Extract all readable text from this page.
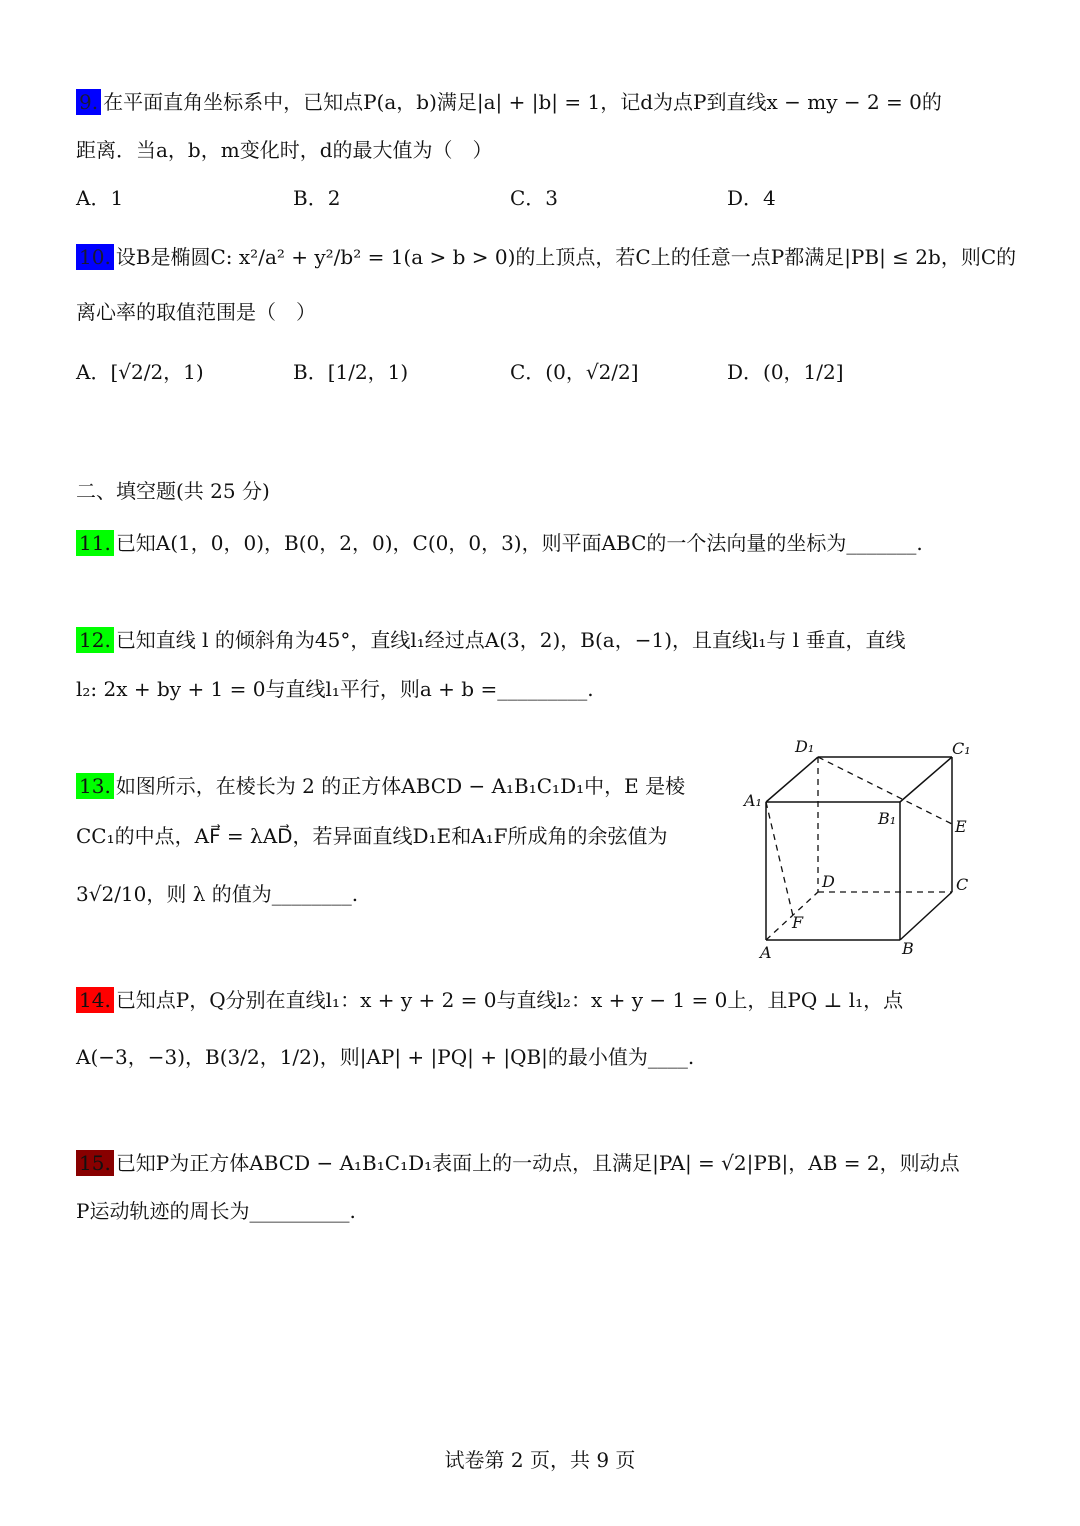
9. 在平面直角坐标系中，已知点P(a，b)满足|a| + |b| = 1，记d为点P到直线x − my − 2 = 0的
距离．当a，b，m变化时，d的最大值为（　）
A．1	B．2	C．3	D．4
10. 设B是椭圆C: x²/a² + y²/b² = 1(a > b > 0)的上顶点，若C上的任意一点P都满足|PB| ≤ 2b，则C的
离心率的取值范围是（　）
A．[√2/2，1)	B．[1/2，1)	C．(0，√2/2]	D．(0，1/2]
二、填空题(共 25 分)
11. 已知A(1，0，0)，B(0，2，0)，C(0，0，3)，则平面ABC的一个法向量的坐标为_______.
12. 已知直线 l 的倾斜角为45°，直线l₁经过点A(3，2)，B(a，−1)，且直线l₁与 l 垂直，直线
l₂: 2x + by + 1 = 0与直线l₁平行，则a + b =_________.
13. 如图所示，在棱长为 2 的正方体ABCD − A₁B₁C₁D₁中，E 是棱
CC₁的中点，AF⃗ = λAD⃗，若异面直线D₁E和A₁F所成角的余弦值为
3√2/10，则 λ 的值为________.
D₁	C₁
A₁
B₁	E
D	C
F
A	B
14. 已知点P，Q分别在直线l₁：x + y + 2 = 0与直线l₂：x + y − 1 = 0上，且PQ ⊥ l₁，点
A(−3，−3)，B(3/2，1/2)，则|AP| + |PQ| + |QB|的最小值为____.
15. 已知P为正方体ABCD − A₁B₁C₁D₁表面上的一动点，且满足|PA| = √2|PB|，AB = 2，则动点
P运动轨迹的周长为__________.
试卷第 2 页，共 9 页
